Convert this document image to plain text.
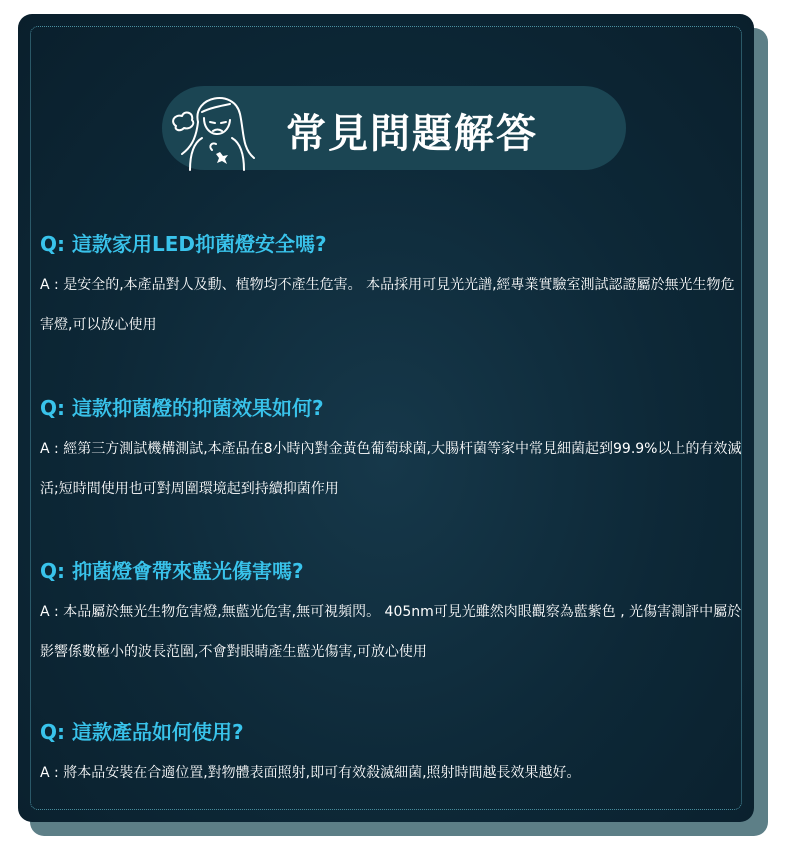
常見問題解答
Q: 這款家用LED抑菌燈安全嗎?
A : 是安全的,本產品對人及動、植物均不產生危害。 本品採用可見光光譜,經專業實驗室測試認證屬於無光生物危害燈,可以放心使用
Q: 這款抑菌燈的抑菌效果如何?
A : 經第三方測試機構測試,本產品在8小時內對金黃色葡萄球菌,大腸杆菌等家中常見細菌起到99.9%以上的有效滅活;短時間使用也可對周圍環境起到持續抑菌作用
Q: 抑菌燈會帶來藍光傷害嗎?
A : 本品屬於無光生物危害燈,無藍光危害,無可視頻閃。 405nm可見光雖然肉眼觀察為藍紫色 , 光傷害測評中屬於影響係數極小的波長范圍,不會對眼睛產生藍光傷害,可放心使用
Q: 這款產品如何使用?
A : 將本品安裝在合適位置,對物體表面照射,即可有效殺滅細菌,照射時間越長效果越好。
